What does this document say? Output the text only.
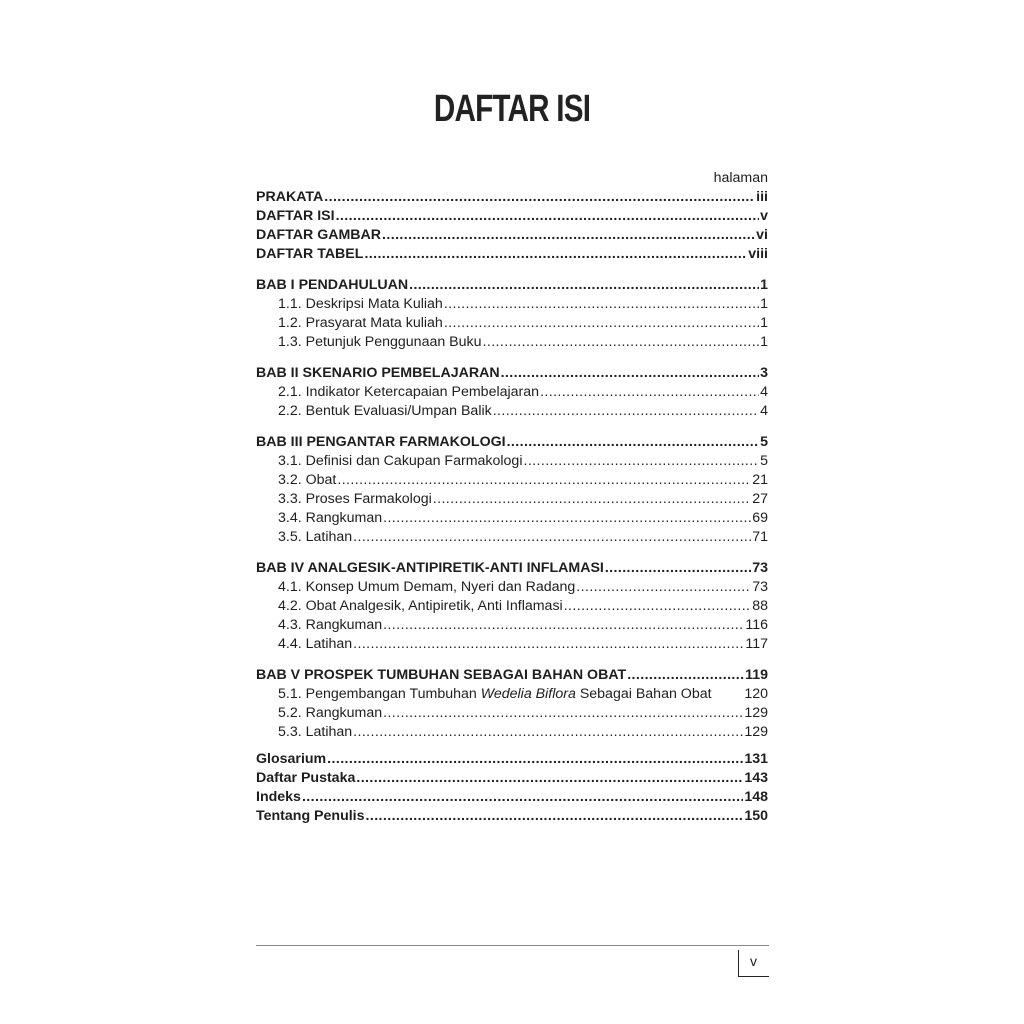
DAFTAR ISI
halaman
PRAKATA .....	iii
DAFTAR ISI .....	v
DAFTAR GAMBAR .....	vi
DAFTAR TABEL .....	viii
BAB I PENDAHULUAN .....	1
1.1. Deskripsi Mata Kuliah .....	1
1.2. Prasyarat Mata kuliah .....	1
1.3. Petunjuk Penggunaan Buku .....	1
BAB II SKENARIO PEMBELAJARAN .....	3
2.1. Indikator Ketercapaian Pembelajaran .....	4
2.2. Bentuk Evaluasi/Umpan Balik .....	4
BAB III PENGANTAR FARMAKOLOGI .....	5
3.1. Definisi dan Cakupan Farmakologi .....	5
3.2. Obat .....	21
3.3. Proses Farmakologi .....	27
3.4. Rangkuman .....	69
3.5. Latihan .....	71
BAB IV ANALGESIK-ANTIPIRETIK-ANTI INFLAMASI .....	73
4.1. Konsep Umum Demam, Nyeri dan Radang .....	73
4.2. Obat Analgesik, Antipiretik, Anti Inflamasi .....	88
4.3. Rangkuman .....	116
4.4. Latihan .....	117
BAB V PROSPEK TUMBUHAN SEBAGAI BAHAN OBAT .....	119
5.1. Pengembangan Tumbuhan Wedelia Biflora Sebagai Bahan Obat 120
5.2. Rangkuman .....	129
5.3. Latihan .....	129
Glosarium .....	131
Daftar Pustaka .....	143
Indeks .....	148
Tentang Penulis .....	150
v
